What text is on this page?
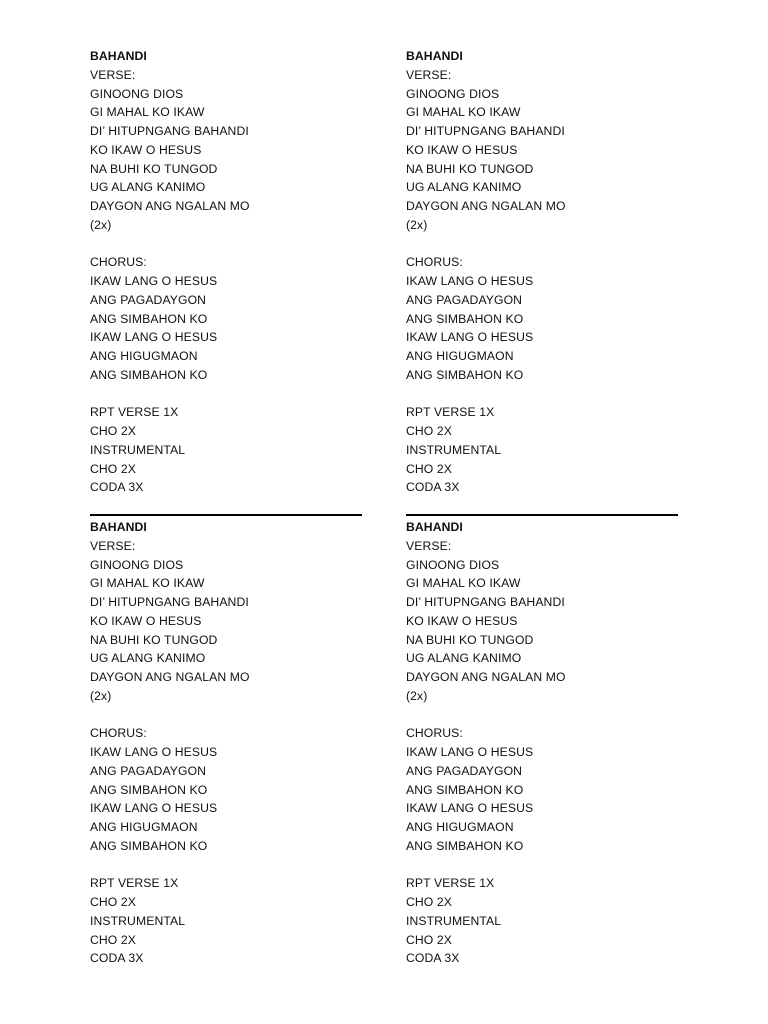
BAHANDI
VERSE:
GINOONG DIOS
GI MAHAL KO IKAW
DI’ HITUPNGANG BAHANDI
KO IKAW O HESUS
NA BUHI KO TUNGOD
UG ALANG KANIMO
DAYGON ANG NGALAN MO
(2x)
CHORUS:
IKAW LANG O HESUS
ANG PAGADAYGON
ANG SIMBAHON KO
IKAW LANG O HESUS
ANG HIGUGMAON
ANG SIMBAHON KO
RPT VERSE 1X
CHO 2X
INSTRUMENTAL
CHO 2X
CODA 3X
BAHANDI
VERSE:
GINOONG DIOS
GI MAHAL KO IKAW
DI’ HITUPNGANG BAHANDI
KO IKAW O HESUS
NA BUHI KO TUNGOD
UG ALANG KANIMO
DAYGON ANG NGALAN MO
(2x)
CHORUS:
IKAW LANG O HESUS
ANG PAGADAYGON
ANG SIMBAHON KO
IKAW LANG O HESUS
ANG HIGUGMAON
ANG SIMBAHON KO
RPT VERSE 1X
CHO 2X
INSTRUMENTAL
CHO 2X
CODA 3X
BAHANDI
VERSE:
GINOONG DIOS
GI MAHAL KO IKAW
DI’ HITUPNGANG BAHANDI
KO IKAW O HESUS
NA BUHI KO TUNGOD
UG ALANG KANIMO
DAYGON ANG NGALAN MO
(2x)
CHORUS:
IKAW LANG O HESUS
ANG PAGADAYGON
ANG SIMBAHON KO
IKAW LANG O HESUS
ANG HIGUGMAON
ANG SIMBAHON KO
RPT VERSE 1X
CHO 2X
INSTRUMENTAL
CHO 2X
CODA 3X
BAHANDI
VERSE:
GINOONG DIOS
GI MAHAL KO IKAW
DI’ HITUPNGANG BAHANDI
KO IKAW O HESUS
NA BUHI KO TUNGOD
UG ALANG KANIMO
DAYGON ANG NGALAN MO
(2x)
CHORUS:
IKAW LANG O HESUS
ANG PAGADAYGON
ANG SIMBAHON KO
IKAW LANG O HESUS
ANG HIGUGMAON
ANG SIMBAHON KO
RPT VERSE 1X
CHO 2X
INSTRUMENTAL
CHO 2X
CODA 3X
